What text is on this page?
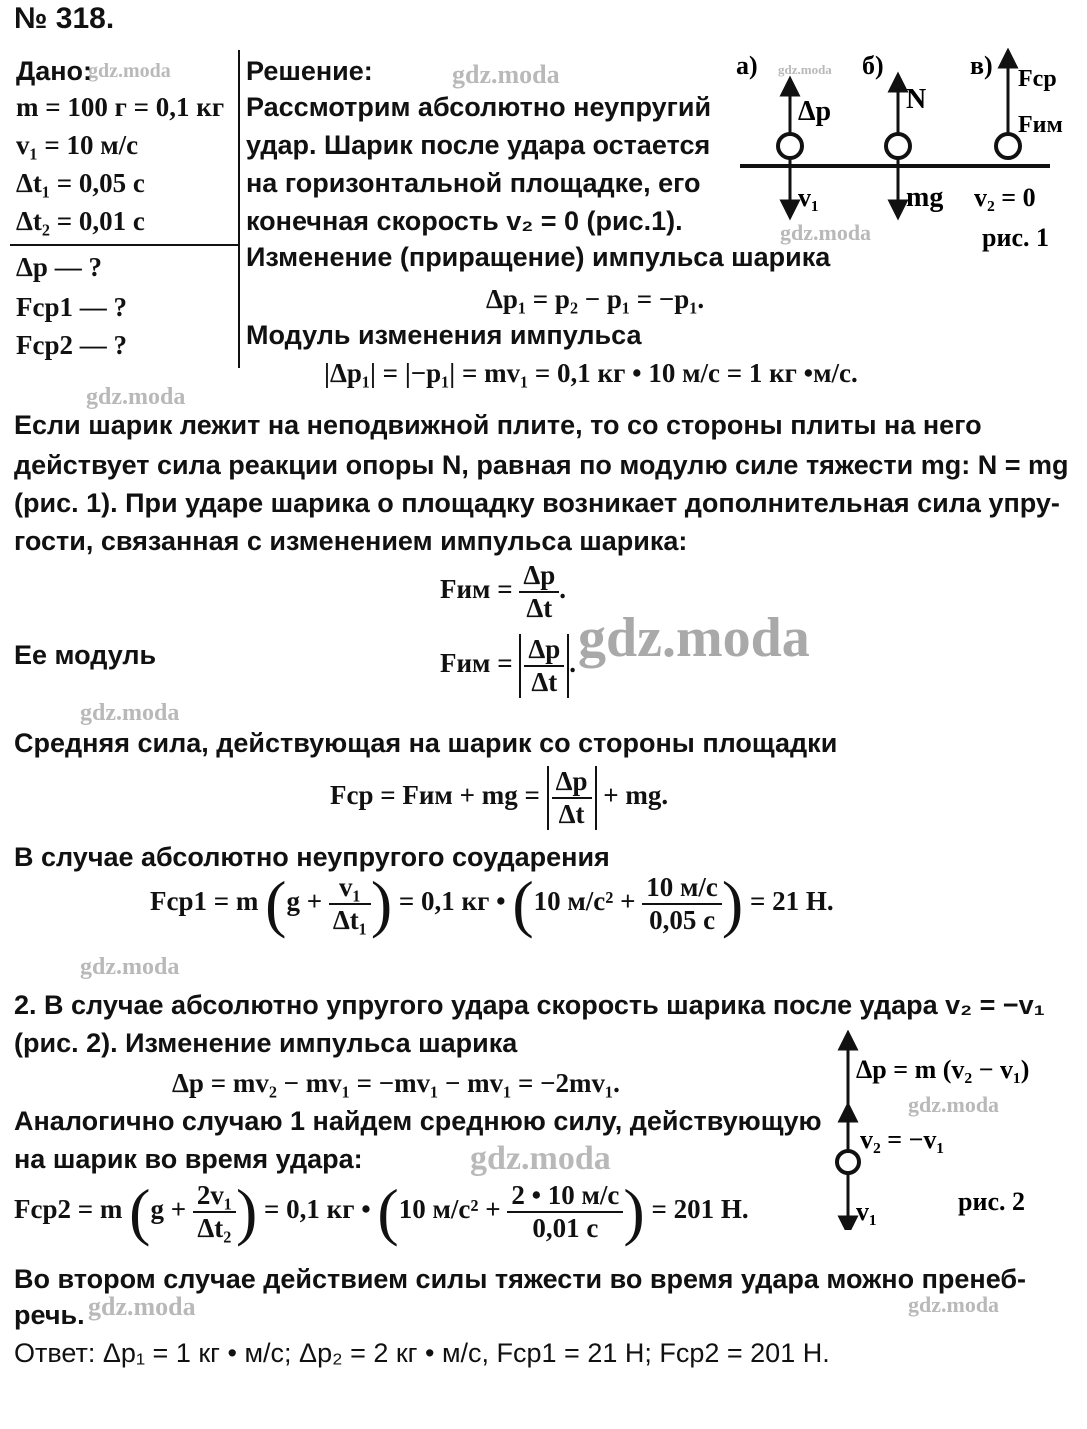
gdz.moda	gdz.moda	gdz.moda
gdz.moda
gdz.moda
gdz.moda
gdz.moda
gdz.moda
gdz.moda
gdz.moda
gdz.moda	gdz.moda
№ 318.
Дано:
m = 100 г = 0,1 кг
v₁ = 10 м/с
Δt₁ = 0,05 с
Δt₂ = 0,01 с
Δp — ?
Fср1 — ?
Fср2 — ?
Решение:
Рассмотрим абсолютно неупругий
удар. Шарик после удара остается
на горизонтальной площадке, его
конечная скорость v₂ = 0 (рис.1).
а)	б)	в)
Δp
v₁
N
mg
Fср
Fим
v₂ = 0
рис. 1
Изменение (приращение) импульса шарика
Δp₁ = p₂ − p₁ = −p₁.
Модуль изменения импульса
|Δp₁| = |−p₁| = mv₁ = 0,1 кг • 10 м/с = 1 кг •м/с.
Если шарик лежит на неподвижной плите, то со стороны плиты на него
действует сила реакции опоры N, равная по модулю силе тяжести mg: N = mg
(рис. 1). При ударе шарика о площадку возникает дополнительная сила упру-
гости, связанная с изменением импульса шарика:
Fим = $\frac{\Delta p}{\Delta t}$ .
Ее модуль	Fим = $\frac{\Delta p}{\Delta t}$ .
Средняя сила, действующая на шарик со стороны площадки
Fср = Fим + mg = $\frac{\Delta p}{\Delta t}$ + mg.
В случае абсолютно неупругого соударения
Fср1 = m ($g + \frac{\text{v₁}}{\text{Δt₁}}$ ) = 0,1 кг • (10 $м/с^2 + \frac{10 м/с}{0,05 с}$ ) = 21 Н.
2. В случае абсолютно упругого удара скорость шарика после удара v₂ = −v₁
(рис. 2). Изменение импульса шарика
Δp = mv₂ − mv₁ = −mv₁ − mv₁ = −2mv₁.
Аналогично случаю 1 найдем среднюю силу, действующую
на шарик во время удара:
Δp = m (v₂ − v₁)
v₂ = −v₁
v₁	рис. 2
Fср2 = m ($g + \frac{\text{2v₁}}{\text{Δt₂}}$ ) = 0,1 кг • (10 $м/с^2 + \frac{2 • 10 м/с}{0,01 с}$ ) = 201 Н.
Во втором случае действием силы тяжести во время удара можно пренеб-
речь.
Ответ: Δp₁ = 1 кг • м/с; Δp₂ = 2 кг • м/с, Fср1 = 21 Н; Fср2 = 201 Н.
